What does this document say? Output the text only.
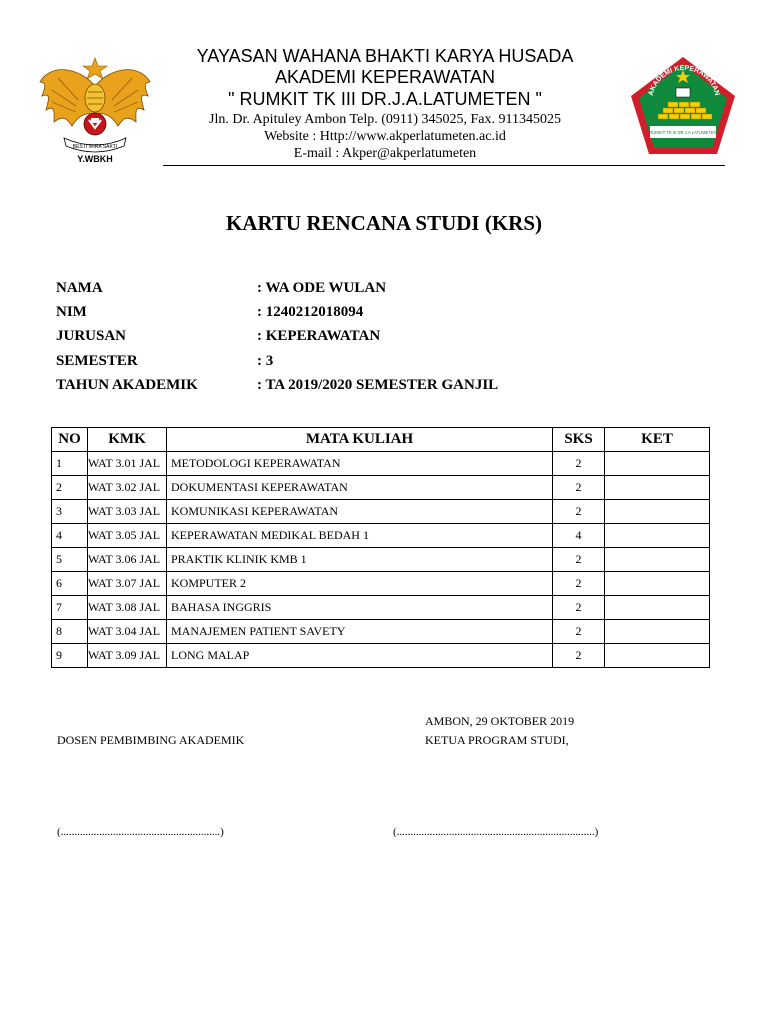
BESTI WIRA SAKTI
Y.WBKH
AKADEMI KEPERAWATAN
RUMKIT TK III DR.J.A LATUMETEN
YAYASAN WAHANA BHAKTI KARYA HUSADA
AKADEMI KEPERAWATAN
" RUMKIT TK III DR.J.A.LATUMETEN "
Jln. Dr. Apituley Ambon Telp. (0911) 345025, Fax. 911345025
Website : Http://www.akperlatumeten.ac.id
E-mail : Akper@akperlatumeten
KARTU RENCANA STUDI (KRS)
NAMA	: WA ODE WULAN
NIM	: 1240212018094
JURUSAN	: KEPERAWATAN
SEMESTER	: 3
TAHUN AKADEMIK	: TA 2019/2020 SEMESTER GANJIL
NO	KMK	MATA KULIAH	SKS	KET
1	WAT 3.01 JAL	METODOLOGI KEPERAWATAN	2	
2	WAT 3.02 JAL	DOKUMENTASI KEPERAWATAN	2	
3	WAT 3.03 JAL	KOMUNIKASI KEPERAWATAN	2	
4	WAT 3.05 JAL	KEPERAWATAN MEDIKAL BEDAH 1	4	
5	WAT 3.06 JAL	PRAKTIK KLINIK KMB 1	2	
6	WAT 3.07 JAL	KOMPUTER 2	2	
7	WAT 3.08 JAL	BAHASA INGGRIS	2	
8	WAT 3.04 JAL	MANAJEMEN PATIENT SAVETY	2	
9	WAT 3.09 JAL	LONG MALAP	2	
AMBON, 29 OKTOBER 2019
DOSEN PEMBIMBING AKADEMIK	KETUA PROGRAM STUDI,
(..........................................................)	(........................................................................)
